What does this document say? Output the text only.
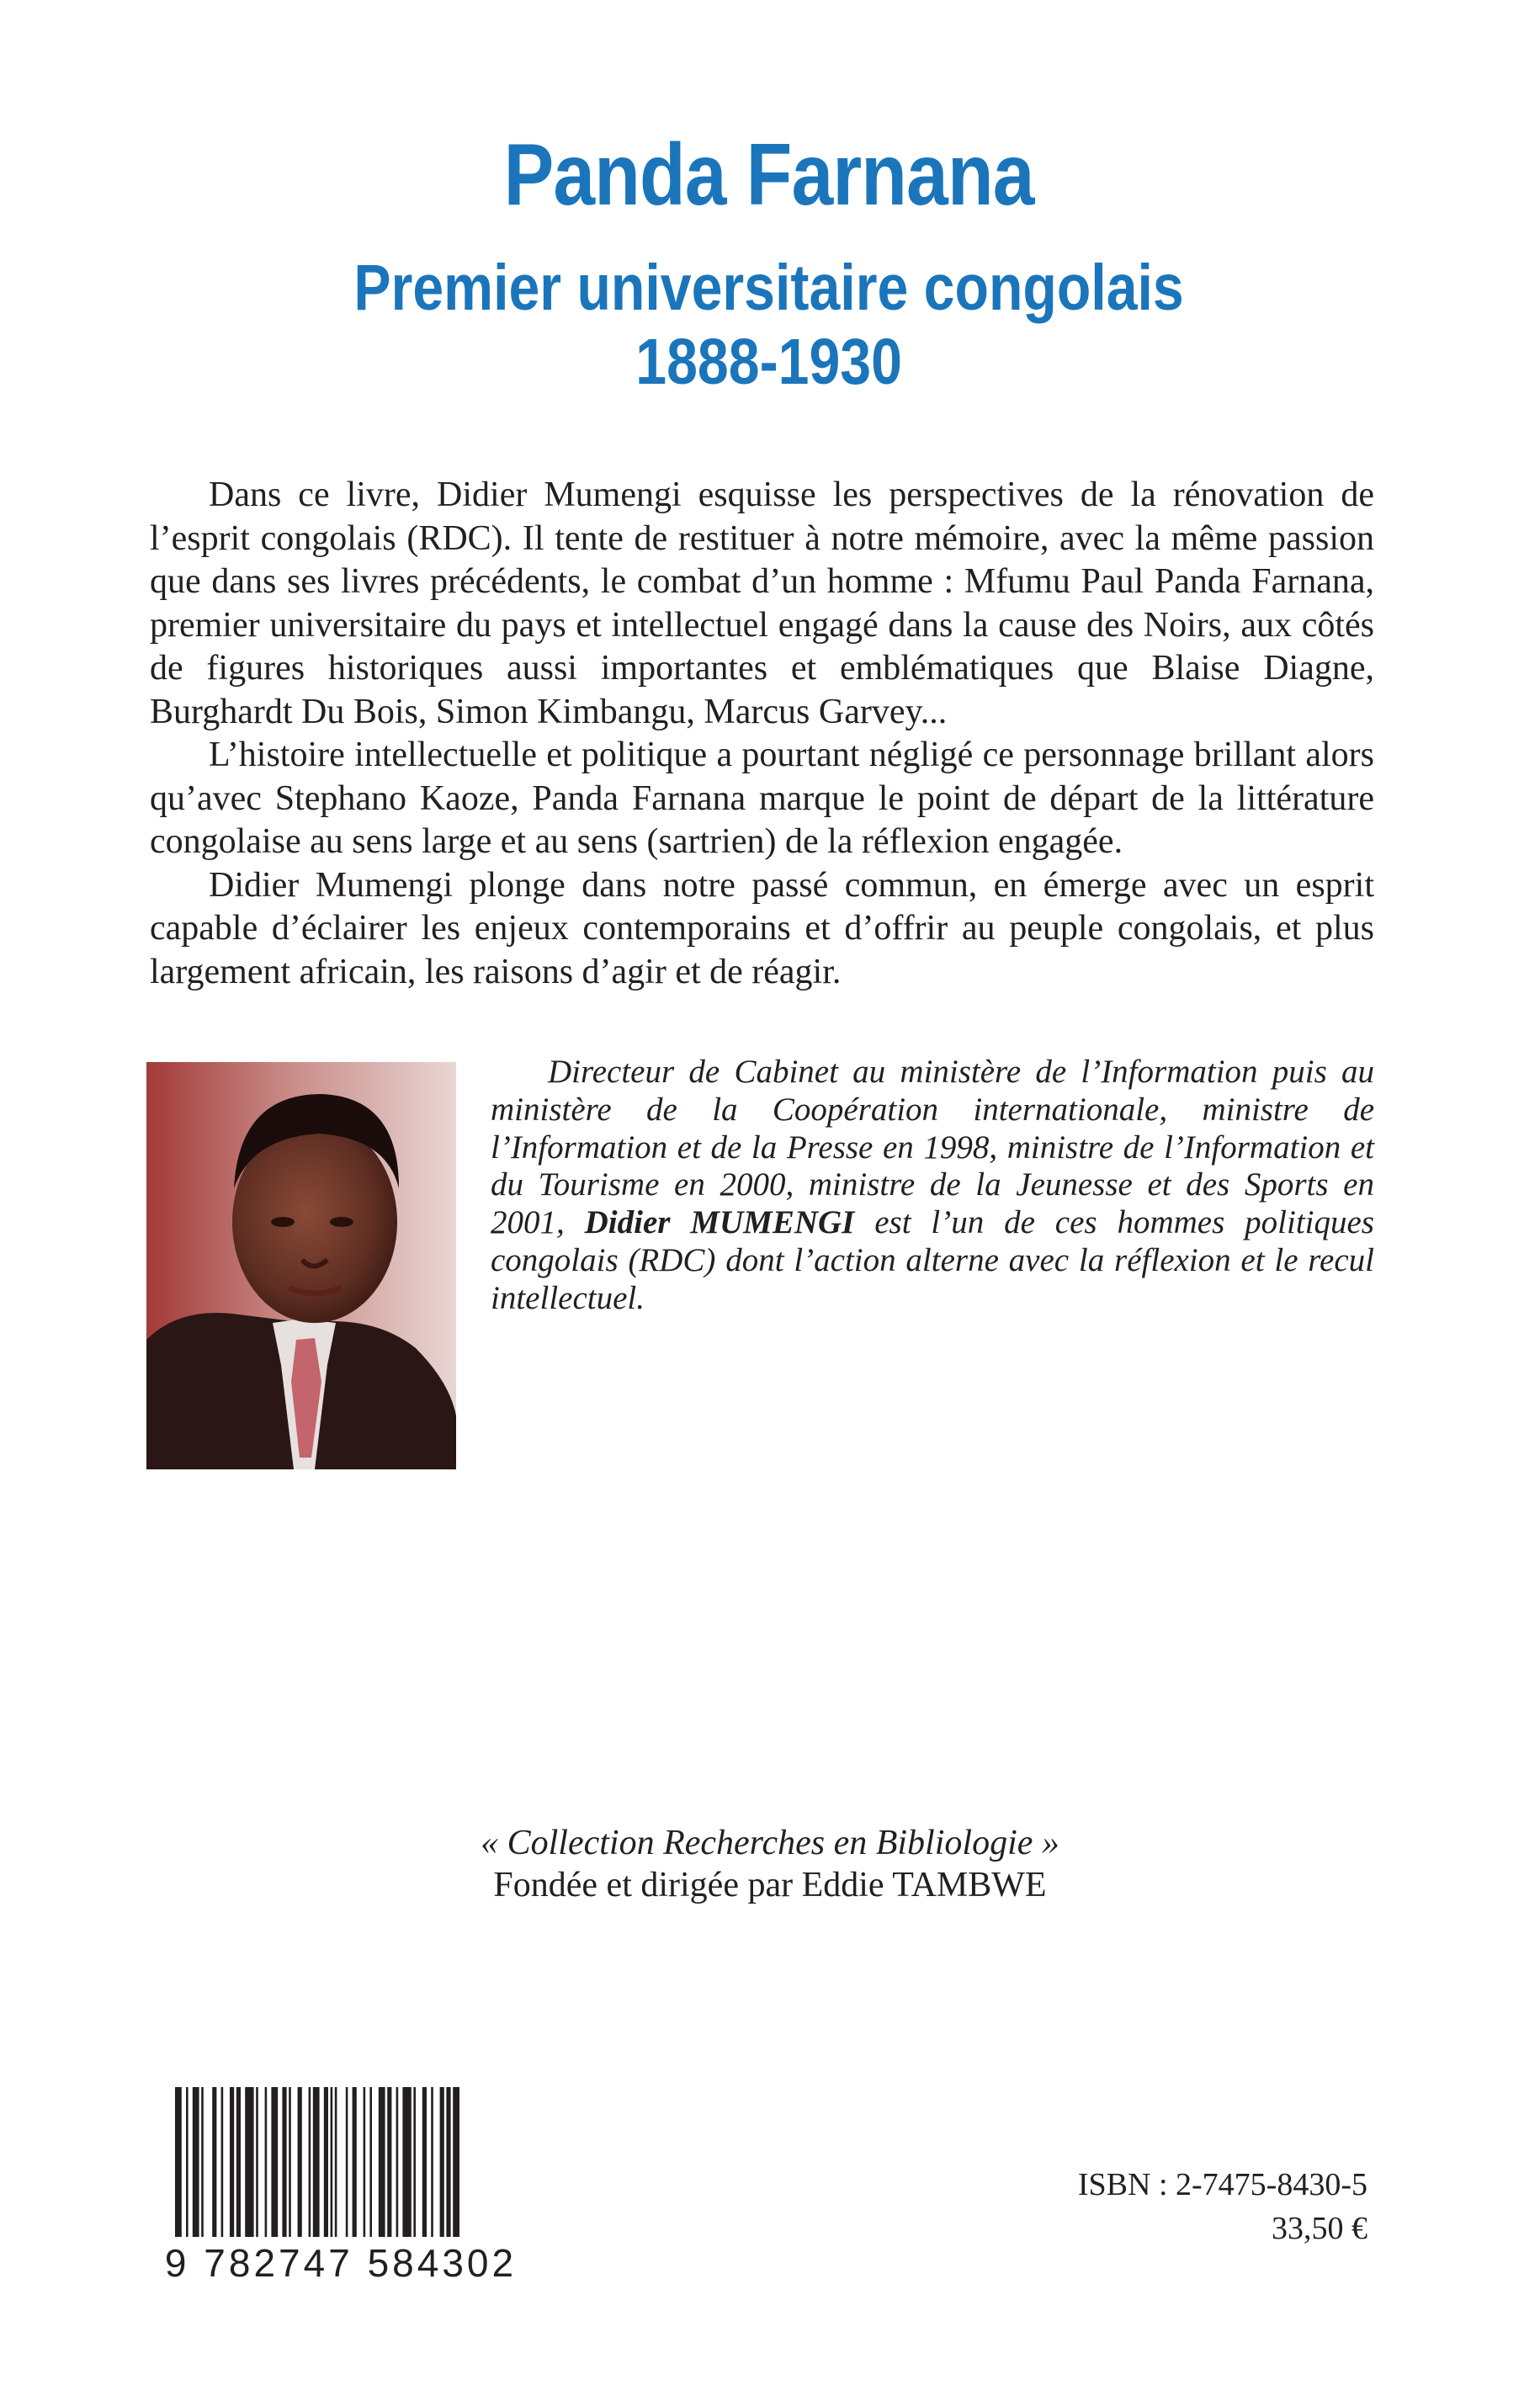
Panda Farnana
Premier universitaire congolais
1888-1930

Dans ce livre, Didier Mumengi esquisse les perspectives de la rénovation de l’esprit congolais (RDC). Il tente de restituer à notre mémoire, avec la même passion que dans ses livres précédents, le combat d’un homme : Mfumu Paul Panda Farnana, premier universitaire du pays et intellectuel engagé dans la cause des Noirs, aux côtés de figures historiques aussi importantes et emblématiques que Blaise Diagne, Burghardt Du Bois, Simon Kimbangu, Marcus Garvey...

L’histoire intellectuelle et politique a pourtant négligé ce personnage brillant alors qu’avec Stephano Kaoze, Panda Farnana marque le point de départ de la littérature congolaise au sens large et au sens (sartrien) de la réflexion engagée.

Didier Mumengi plonge dans notre passé commun, en émerge avec un esprit capable d’éclairer les enjeux contemporains et d’offrir au peuple congolais, et plus largement africain, les raisons d’agir et de réagir.

Directeur de Cabinet au ministère de l’Information puis au ministère de la Coopération internationale, ministre de l’Information et de la Presse en 1998, ministre de l’Information et du Tourisme en 2000, ministre de la Jeunesse et des Sports en 2001, Didier MUMENGI est l’un de ces hommes politiques congolais (RDC) dont l’action alterne avec la réflexion et le recul intellectuel.

« Collection Recherches en Bibliologie »
Fondée et dirigée par Eddie TAMBWE
9 782747 584302
ISBN : 2-7475-8430-5
33,50 €
